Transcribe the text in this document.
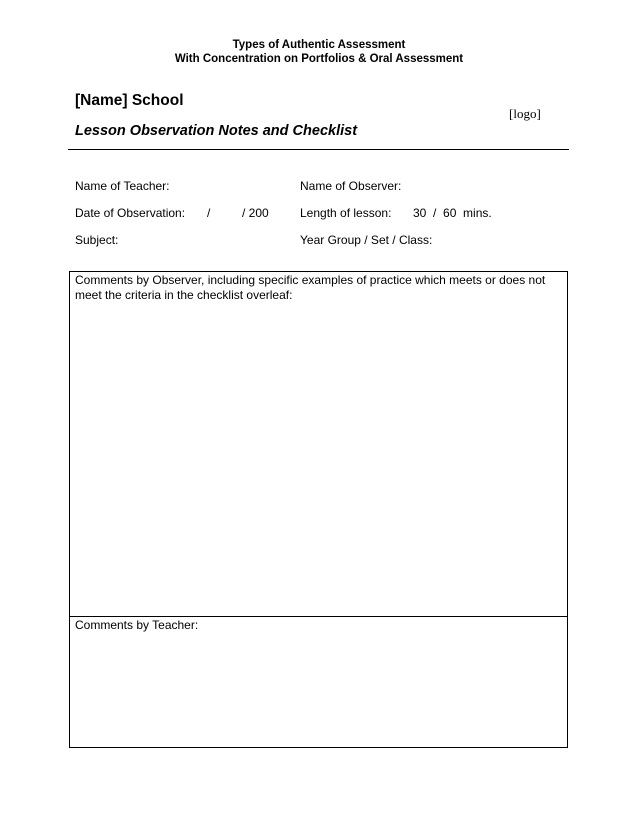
Types of Authentic Assessment
With Concentration on Portfolios & Oral Assessment
[Name] School
[logo]
Lesson Observation Notes and Checklist
Name of Teacher:	Name of Observer:
Date of Observation: /	/ 200	Length of lesson: 30  /  60  mins.
Subject:	Year Group / Set / Class:
Comments by Observer, including specific examples of practice which meets or does not meet the criteria in the checklist overleaf:
Comments by Teacher:
